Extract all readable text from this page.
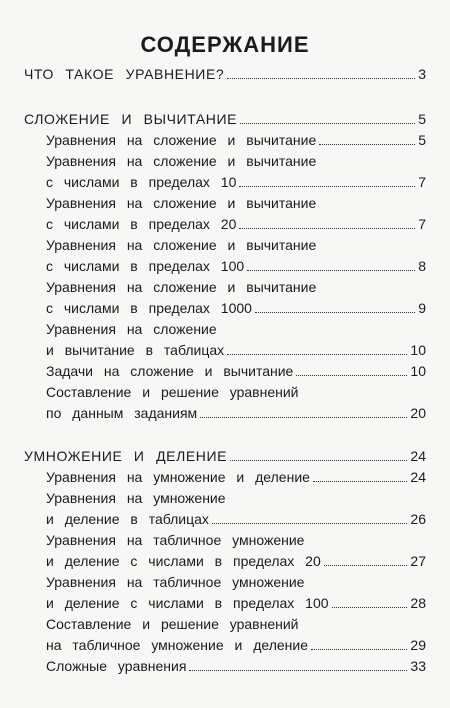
СОДЕРЖАНИЕ
ЧТО ТАКОЕ УРАВНЕНИЕ?	3
СЛОЖЕНИЕ И ВЫЧИТАНИЕ	5
Уравнения на сложение и вычитание	5
Уравнения на сложение и вычитание
с числами в пределах 10	7
Уравнения на сложение и вычитание
с числами в пределах 20	7
Уравнения на сложение и вычитание
с числами в пределах 100	8
Уравнения на сложение и вычитание
с числами в пределах 1000	9
Уравнения на сложение
и вычитание в таблицах	10
Задачи на сложение и вычитание	10
Составление и решение уравнений
по данным заданиям	20
УМНОЖЕНИЕ И ДЕЛЕНИЕ	24
Уравнения на умножение и деление	24
Уравнения на умножение
и деление в таблицах	26
Уравнения на табличное умножение
и деление с числами в пределах 20	27
Уравнения на табличное умножение
и деление с числами в пределах 100	28
Составление и решение уравнений
на табличное умножение и деление	29
Сложные уравнения	33
